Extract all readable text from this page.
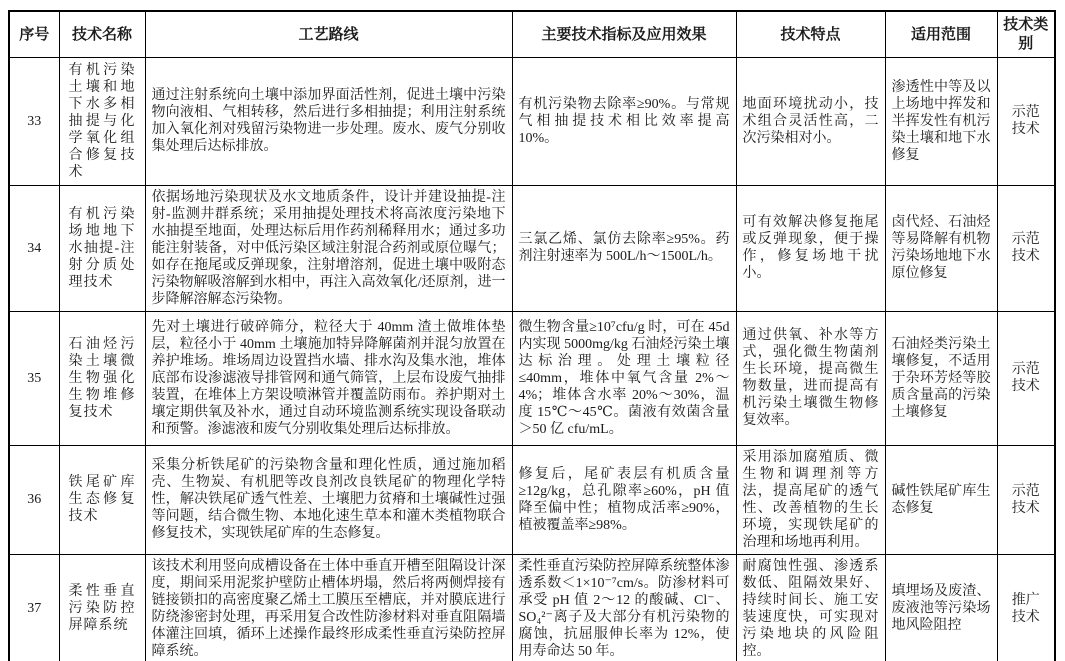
序号	技术名称	工艺路线	主要技术指标及应用效果	技术特点	适用范围	技术类别
33	有机污染土壤和地下水多相抽提与化学氧化组合修复技术	通过注射系统向土壤中添加界面活性剂，促进土壤中污染物向液相、气相转移，然后进行多相抽提；利用注射系统加入氧化剂对残留污染物进一步处理。废水、废气分别收集处理后达标排放。	有机污染物去除率≥90%。与常规气相抽提技术相比效率提高 10%。	地面环境扰动小，技术组合灵活性高，二次污染相对小。	渗透性中等及以上场地中挥发和半挥发性有机污染土壤和地下水修复	示范技术
34	有机污染场地地下水抽提-注射分质处理技术	依据场地污染现状及水文地质条件，设计并建设抽提-注射-监测井群系统；采用抽提处理技术将高浓度污染地下水抽提至地面，处理达标后用作药剂稀释用水；通过多功能注射装备，对中低污染区域注射混合药剂或原位曝气；如存在拖尾或反弹现象，注射增溶剂，促进土壤中吸附态污染物解吸溶解到水相中，再注入高效氧化/还原剂，进一步降解溶解态污染物。	三氯乙烯、氯仿去除率≥95%。药剂注射速率为 500L/h～1500L/h。	可有效解决修复拖尾或反弹现象，便于操作，修复场地干扰小。	卤代烃、石油烃等易降解有机物污染场地地下水原位修复	示范技术
35	石油烃污染土壤微生物强化生物堆修复技术	先对土壤进行破碎筛分，粒径大于 40mm 渣土做堆体垫层，粒径小于 40mm 土壤施加特异降解菌剂并混匀放置在养护堆场。堆场周边设置挡水墙、排水沟及集水池，堆体底部布设渗滤液导排管网和通气筛管，上层布设废气抽排装置，在堆体上方架设喷淋管并覆盖防雨布。养护期对土壤定期供氧及补水，通过自动环境监测系统实现设备联动和预警。渗滤液和废气分别收集处理后达标排放。	微生物含量≥10⁷cfu/g 时，可在 45d 内实现 5000mg/kg 石油烃污染土壤达标治理。处理土壤粒径≤40mm，堆体中氧气含量 2%～4%；堆体含水率 20%～30%，温度 15℃～45℃。菌液有效菌含量＞50 亿 cfu/mL。	通过供氧、补水等方式，强化微生物菌剂生长环境，提高微生物数量，进而提高有机污染土壤微生物修复效率。	石油烃类污染土壤修复，不适用于杂环芳烃等胶质含量高的污染土壤修复	示范技术
36	铁尾矿库生态修复技术	采集分析铁尾矿的污染物含量和理化性质，通过施加稻壳、生物炭、有机肥等改良剂改良铁尾矿的物理化学特性，解决铁尾矿透气性差、土壤肥力贫瘠和土壤碱性过强等问题，结合微生物、本地化速生草本和灌木类植物联合修复技术，实现铁尾矿库的生态修复。	修复后，尾矿表层有机质含量≥12g/kg，总孔隙率≥60%，pH 值降至偏中性；植物成活率≥90%，植被覆盖率≥98%。	采用添加腐殖质、微生物和调理剂等方法，提高尾矿的透气性、改善植物的生长环境，实现铁尾矿的治理和场地再利用。	碱性铁尾矿库生态修复	示范技术
37	柔性垂直污染防控屏障系统	该技术利用竖向成槽设备在土体中垂直开槽至阻隔设计深度，期间采用泥浆护壁防止槽体坍塌，然后将两侧焊接有链接锁扣的高密度聚乙烯土工膜压至槽底，并对膜底进行防绕渗密封处理，再采用复合改性防渗材料对垂直阻隔墙体灌注回填，循环上述操作最终形成柔性垂直污染防控屏障系统。	柔性垂直污染防控屏障系统整体渗透系数＜1×10⁻⁷cm/s。防渗材料可承受 pH 值 2～12 的酸碱、Cl⁻、SO₄²⁻离子及大部分有机污染物的腐蚀，抗屈服伸长率为 12%，使用寿命达 50 年。	耐腐蚀性强、渗透系数低、阻隔效果好、持续时间长、施工安装速度快，可实现对污染地块的风险阻控。	填埋场及废渣、废液池等污染场地风险阻控	推广技术
